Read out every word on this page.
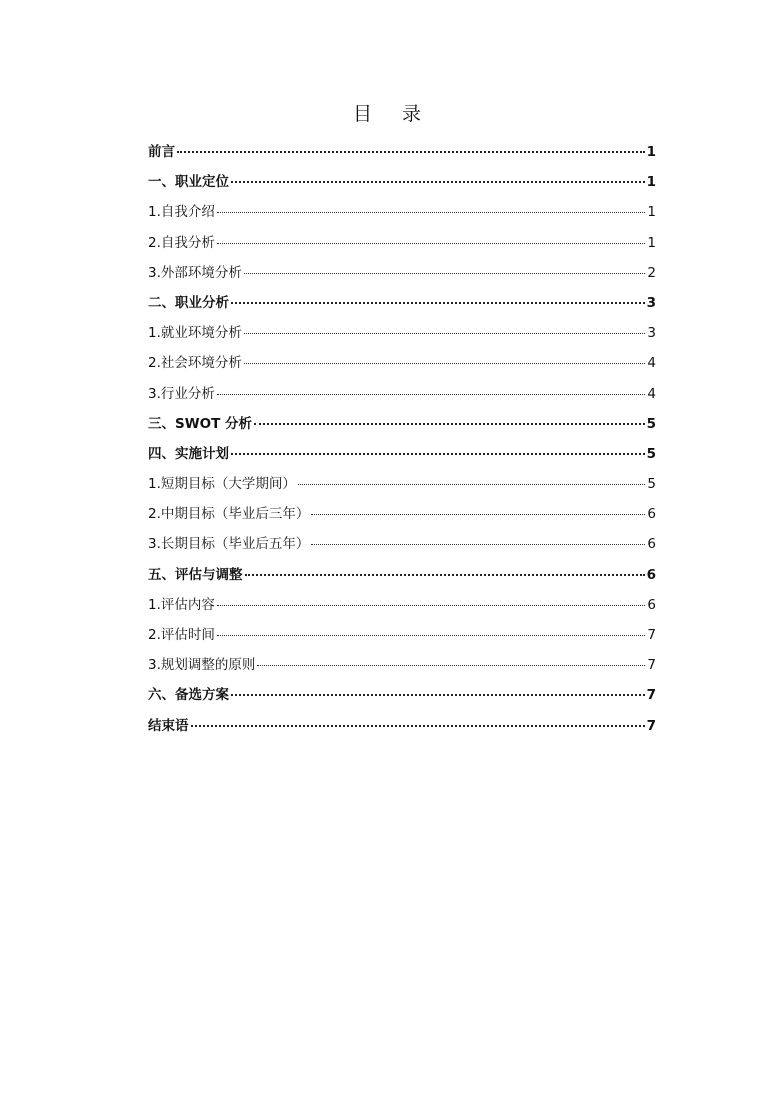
目 录
前言	1
一、职业定位	1
1.自我介绍	1
2.自我分析	1
3.外部环境分析	2
二、职业分析	3
1.就业环境分析	3
2.社会环境分析	4
3.行业分析	4
三、SWOT 分析	5
四、实施计划	5
1.短期目标（大学期间）	5
2.中期目标（毕业后三年）	6
3.长期目标（毕业后五年）	6
五、评估与调整	6
1.评估内容	6
2.评估时间	7
3.规划调整的原则	7
六、备选方案	7
结束语	7
